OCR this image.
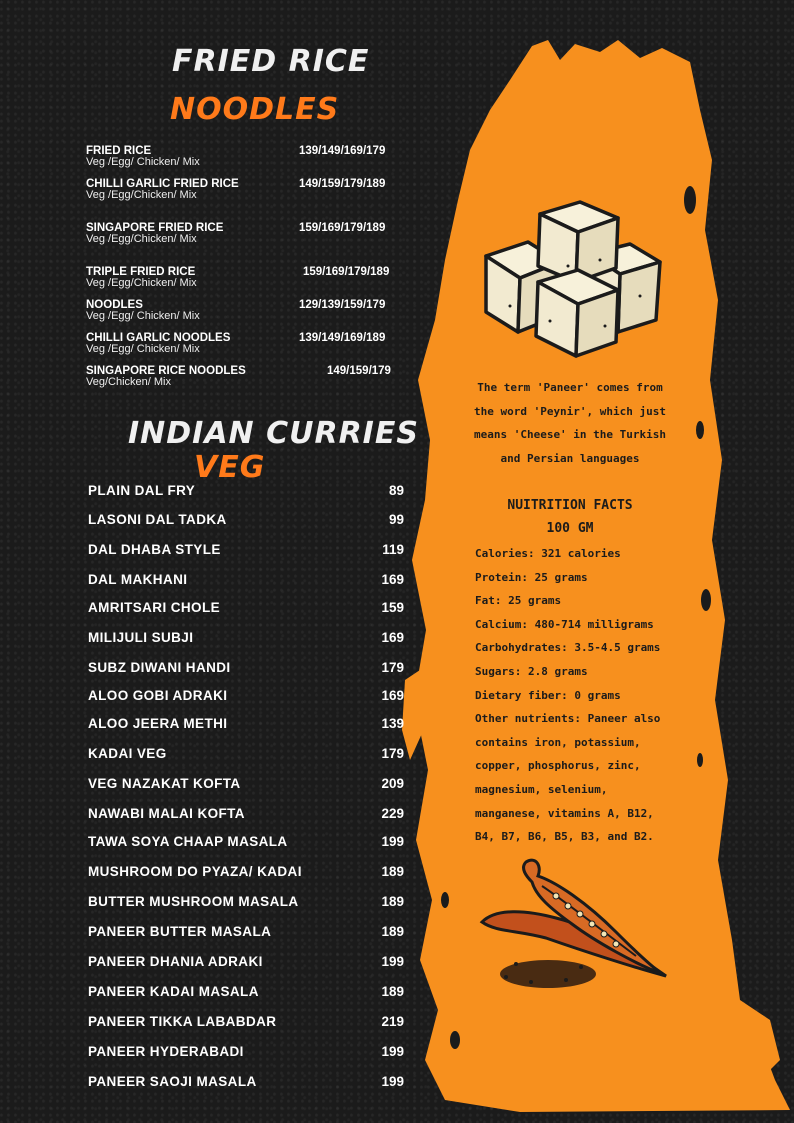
FRIED RICE
NOODLES
INDIAN CURRIES
VEG
FRIED RICE
Veg /Egg/ Chicken/ Mix
139/149/169/179
CHILLI GARLIC FRIED RICE
Veg /Egg/Chicken/ Mix
149/159/179/189
SINGAPORE FRIED RICE
Veg /Egg/Chicken/ Mix
159/169/179/189
TRIPLE FRIED RICE
Veg /Egg/Chicken/ Mix
159/169/179/189
NOODLES
Veg /Egg/ Chicken/ Mix
129/139/159/179
CHILLI GARLIC NOODLES
Veg /Egg/ Chicken/ Mix
139/149/169/189
SINGAPORE RICE NOODLES
Veg/Chicken/ Mix
149/159/179
PLAIN DAL FRY	89
LASONI DAL TADKA	99
DAL DHABA STYLE	119
DAL MAKHANI	169
AMRITSARI CHOLE	159
MILIJULI SUBJI	169
SUBZ DIWANI HANDI	179
ALOO GOBI ADRAKI	169
ALOO JEERA METHI	139
KADAI VEG	179
VEG NAZAKAT KOFTA	209
NAWABI MALAI KOFTA	229
TAWA SOYA CHAAP MASALA	199
MUSHROOM DO PYAZA/ KADAI	189
BUTTER MUSHROOM MASALA	189
PANEER BUTTER MASALA	189
PANEER DHANIA ADRAKI	199
PANEER KADAI MASALA	189
PANEER TIKKA LABABDAR	219
PANEER HYDERABADI	199
PANEER SAOJI MASALA	199
The term 'Paneer' comes from
the word 'Peynir', which just
means 'Cheese' in the Turkish
and Persian languages
NUITRITION FACTS
100 GM
Calories: 321 calories
Protein: 25 grams
Fat: 25 grams
Calcium: 480-714 milligrams
Carbohydrates: 3.5-4.5 grams
Sugars: 2.8 grams
Dietary fiber: 0 grams
Other nutrients: Paneer also
contains iron, potassium,
copper, phosphorus, zinc,
magnesium, selenium,
manganese, vitamins A, B12,
B4, B7, B6, B5, B3, and B2.
